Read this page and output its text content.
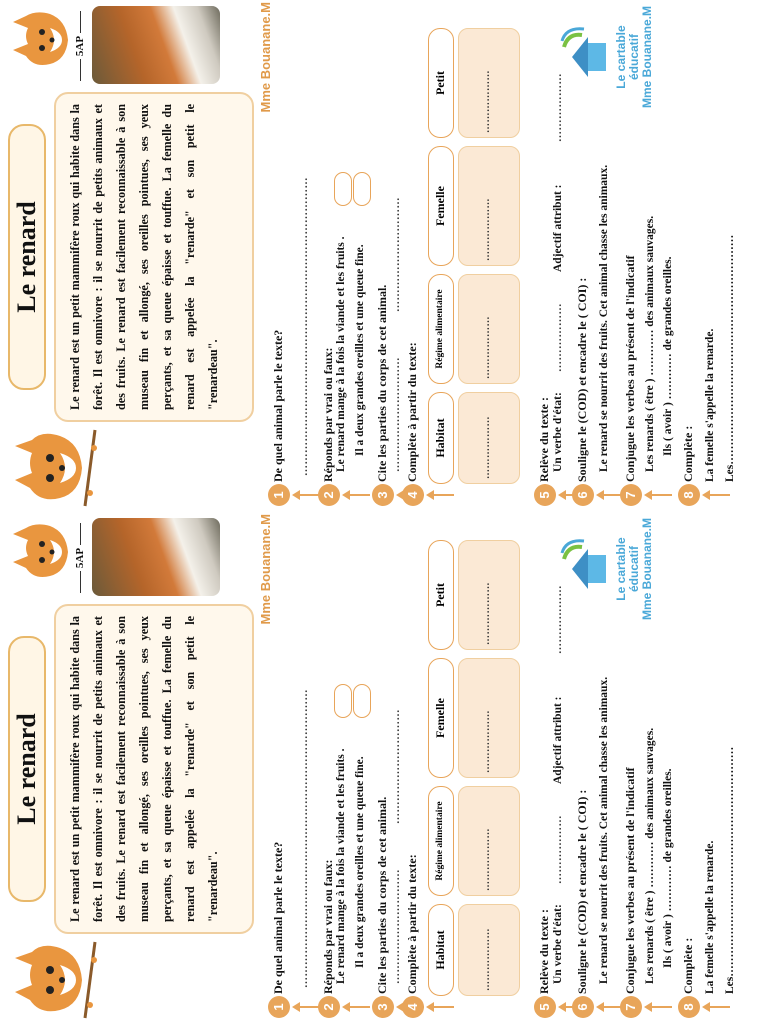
Le renard
5AP
Le renard est un petit mammifère roux qui habite dans la forêt. Il est omnivore : il se nourrit de petits animaux et des fruits. Le renard est facilement reconnaissable à son museau fin et allongé, ses oreilles pointues, ses yeux perçants, et sa queue épaisse et touffue. La femelle du renard est appelée la "renarde" et son petit le "renardeau".
Mme Bouanane.M
1
De quel animal parle le texte?
2
Réponds par vrai ou faux:
3
Cite les parties du corps de cet animal.
4
Complète à partir du texte:
5
Relève du texte :
6
Souligne le (COD) et encadre le ( COI) :
7
Conjugue les verbes au présent de l'indicatif
8
Complète :
…………………………………………………………………… Le renard mange à la fois la viande et les fruits . Il a deux grandes oreilles et une queue fine. …………………………
…………………………
Habitat	………………
Régime alimentaire	………………
Femelle	………………
Petit	………………
Un verbe d'état:
………………
Adjectif attribut :
………………
Le renard se nourrit des fruits. Cet animal chasse les animaux.	Les renards ( être ) ………… des animaux sauvages. Ils ( avoir ) ………… de grandes oreilles.	La femelle s'appelle la renarde. Les……………………………………………………
Le cartable éducatif Mme Bouanane.M
Le renard
5AP
Le renard est un petit mammifère roux qui habite dans la forêt. Il est omnivore : il se nourrit de petits animaux et des fruits. Le renard est facilement reconnaissable à son museau fin et allongé, ses oreilles pointues, ses yeux perçants, et sa queue épaisse et touffue. La femelle du renard est appelée la "renarde" et son petit le "renardeau".
Mme Bouanane.M
1
De quel animal parle le texte?
2
Réponds par vrai ou faux:
3
Cite les parties du corps de cet animal.
4
Complète à partir du texte:
5
Relève du texte :
6
Souligne le (COD) et encadre le ( COI) :
7
Conjugue les verbes au présent de l'indicatif
8
Complète :
…………………………………………………………………… Le renard mange à la fois la viande et les fruits . Il a deux grandes oreilles et une queue fine. …………………………
…………………………
Habitat	………………
Régime alimentaire	………………
Femelle	………………
Petit	………………
Un verbe d'état:
………………
Adjectif attribut :
………………
Le renard se nourrit des fruits. Cet animal chasse les animaux.	Les renards ( être ) ………… des animaux sauvages. Ils ( avoir ) ………… de grandes oreilles.	La femelle s'appelle la renarde. Les……………………………………………………
Le cartable éducatif Mme Bouanane.M
